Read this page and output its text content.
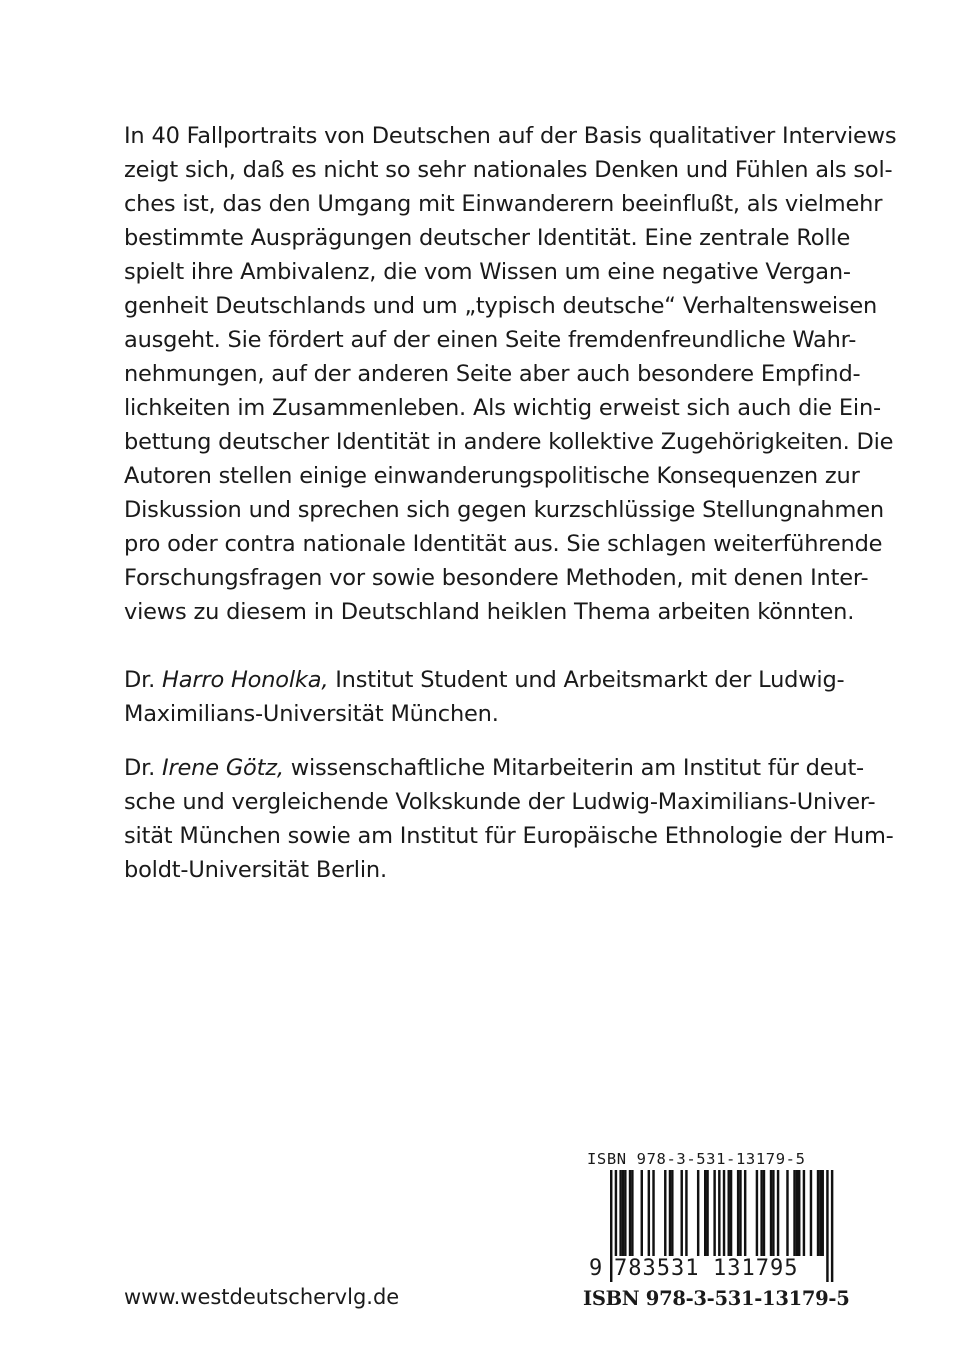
In 40 Fallportraits von Deutschen auf der Basis qualitativer Interviews
zeigt sich, daß es nicht so sehr nationales Denken und Fühlen als sol-
ches ist, das den Umgang mit Einwanderern beeinflußt, als vielmehr
bestimmte Ausprägungen deutscher Identität. Eine zentrale Rolle
spielt ihre Ambivalenz, die vom Wissen um eine negative Vergan-
genheit Deutschlands und um „typisch deutsche“ Verhaltensweisen
ausgeht. Sie fördert auf der einen Seite fremdenfreundliche Wahr-
nehmungen, auf der anderen Seite aber auch besondere Empfind-
lichkeiten im Zusammenleben. Als wichtig erweist sich auch die Ein-
bettung deutscher Identität in andere kollektive Zugehörigkeiten. Die
Autoren stellen einige einwanderungspolitische Konsequenzen zur
Diskussion und sprechen sich gegen kurzschlüssige Stellungnahmen
pro oder contra nationale Identität aus. Sie schlagen weiterführende
Forschungsfragen vor sowie besondere Methoden, mit denen Inter-
views zu diesem in Deutschland heiklen Thema arbeiten könnten.
Dr. Harro Honolka, Institut Student und Arbeitsmarkt der Ludwig-
Maximilians-Universität München.
Dr. Irene Götz, wissenschaftliche Mitarbeiterin am Institut für deut-
sche und vergleichende Volkskunde der Ludwig-Maximilians-Univer-
sität München sowie am Institut für Europäische Ethnologie der Hum-
boldt-Universität Berlin.
ISBN 978-3-531-13179-5
9 783531 131795
ISBN 978-3-531-13179-5
www.westdeutschervlg.de
